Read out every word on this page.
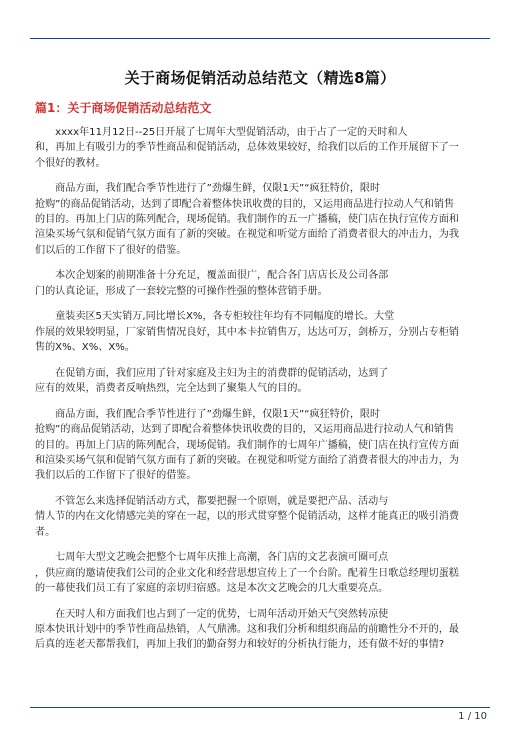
关于商场促销活动总结范文（精选8篇）
篇1：关于商场促销活动总结范文

　　xxxx年11月12日--25日开展了七周年大型促销活动，由于占了一定的天时和人
和，再加上有吸引力的季节性商品和促销活动，总体效果较好，给我们以后的工作开展留下了一
个很好的教材。

　　商品方面，我们配合季节性进行了”劲爆生鲜，仅限1天”“疯狂特价，限时
抢购”的商品促销活动，达到了即配合着整体快讯收费的目的，又运用商品进行拉动人气和销售
的目的。再加上门店的陈列配合，现场促销。我们制作的五一广播稿，使门店在执行宣传方面和
渲染买场气氛和促销气氛方面有了新的突破。在视觉和听觉方面给了消费者很大的冲击力，为我
们以后的工作留下了很好的借鉴。

　　本次企划案的前期准备十分充足，覆盖面很广，配合各门店店长及公司各部
门的认真论证，形成了一套较完整的可操作性强的整体营销手册。

　　童装卖区5天实销万,同比增长X%，各专柜较往年均有不同幅度的增长。大堂
作展的效果较明显，厂家销售情况良好，其中本卡拉销售万，达达可万，剑桥万，分别占专柜销
售的X%、X%、X%。

　　在促销方面，我们应用了针对家庭及主妇为主的消费群的促销活动，达到了
应有的效果，消费者反响热烈，完全达到了聚集人气的目的。

　　商品方面，我们配合季节性进行了”劲爆生鲜，仅限1天”“疯狂特价，限时
抢购”的商品促销活动，达到了即配合着整体快讯收费的目的，又运用商品进行拉动人气和销售
的目的。再加上门店的陈列配合，现场促销。我们制作的七周年广播稿，使门店在执行宣传方面
和渲染买场气氛和促销气氛方面有了新的突破。在视觉和听觉方面给了消费者很大的冲击力，为
我们以后的工作留下了很好的借鉴。

　　不管怎么来选择促销活动方式，都要把握一个原则，就是要把产品、活动与
情人节的内在文化情感完美的穿在一起，以的形式贯穿整个促销活动，这样才能真正的吸引消费
者。

　　七周年大型文艺晚会把整个七周年庆推上高潮，各门店的文艺表演可圈可点
，供应商的邀请使我们公司的企业文化和经营思想宣传上了一个台阶。配着生日歌总经理切蛋糕
的一幕使我们员工有了家庭的亲切归宿感。这是本次文艺晚会的几大重要亮点。

　　在天时人和方面我们也占到了一定的优势，七周年活动开始天气突然转凉使
原本快讯计划中的季节性商品热销，人气鼎沸。这和我们分析和组织商品的前瞻性分不开的，最
后真的连老天都帮我们，再加上我们的勤奋努力和较好的分析执行能力，还有做不好的事情?

1 / 10
